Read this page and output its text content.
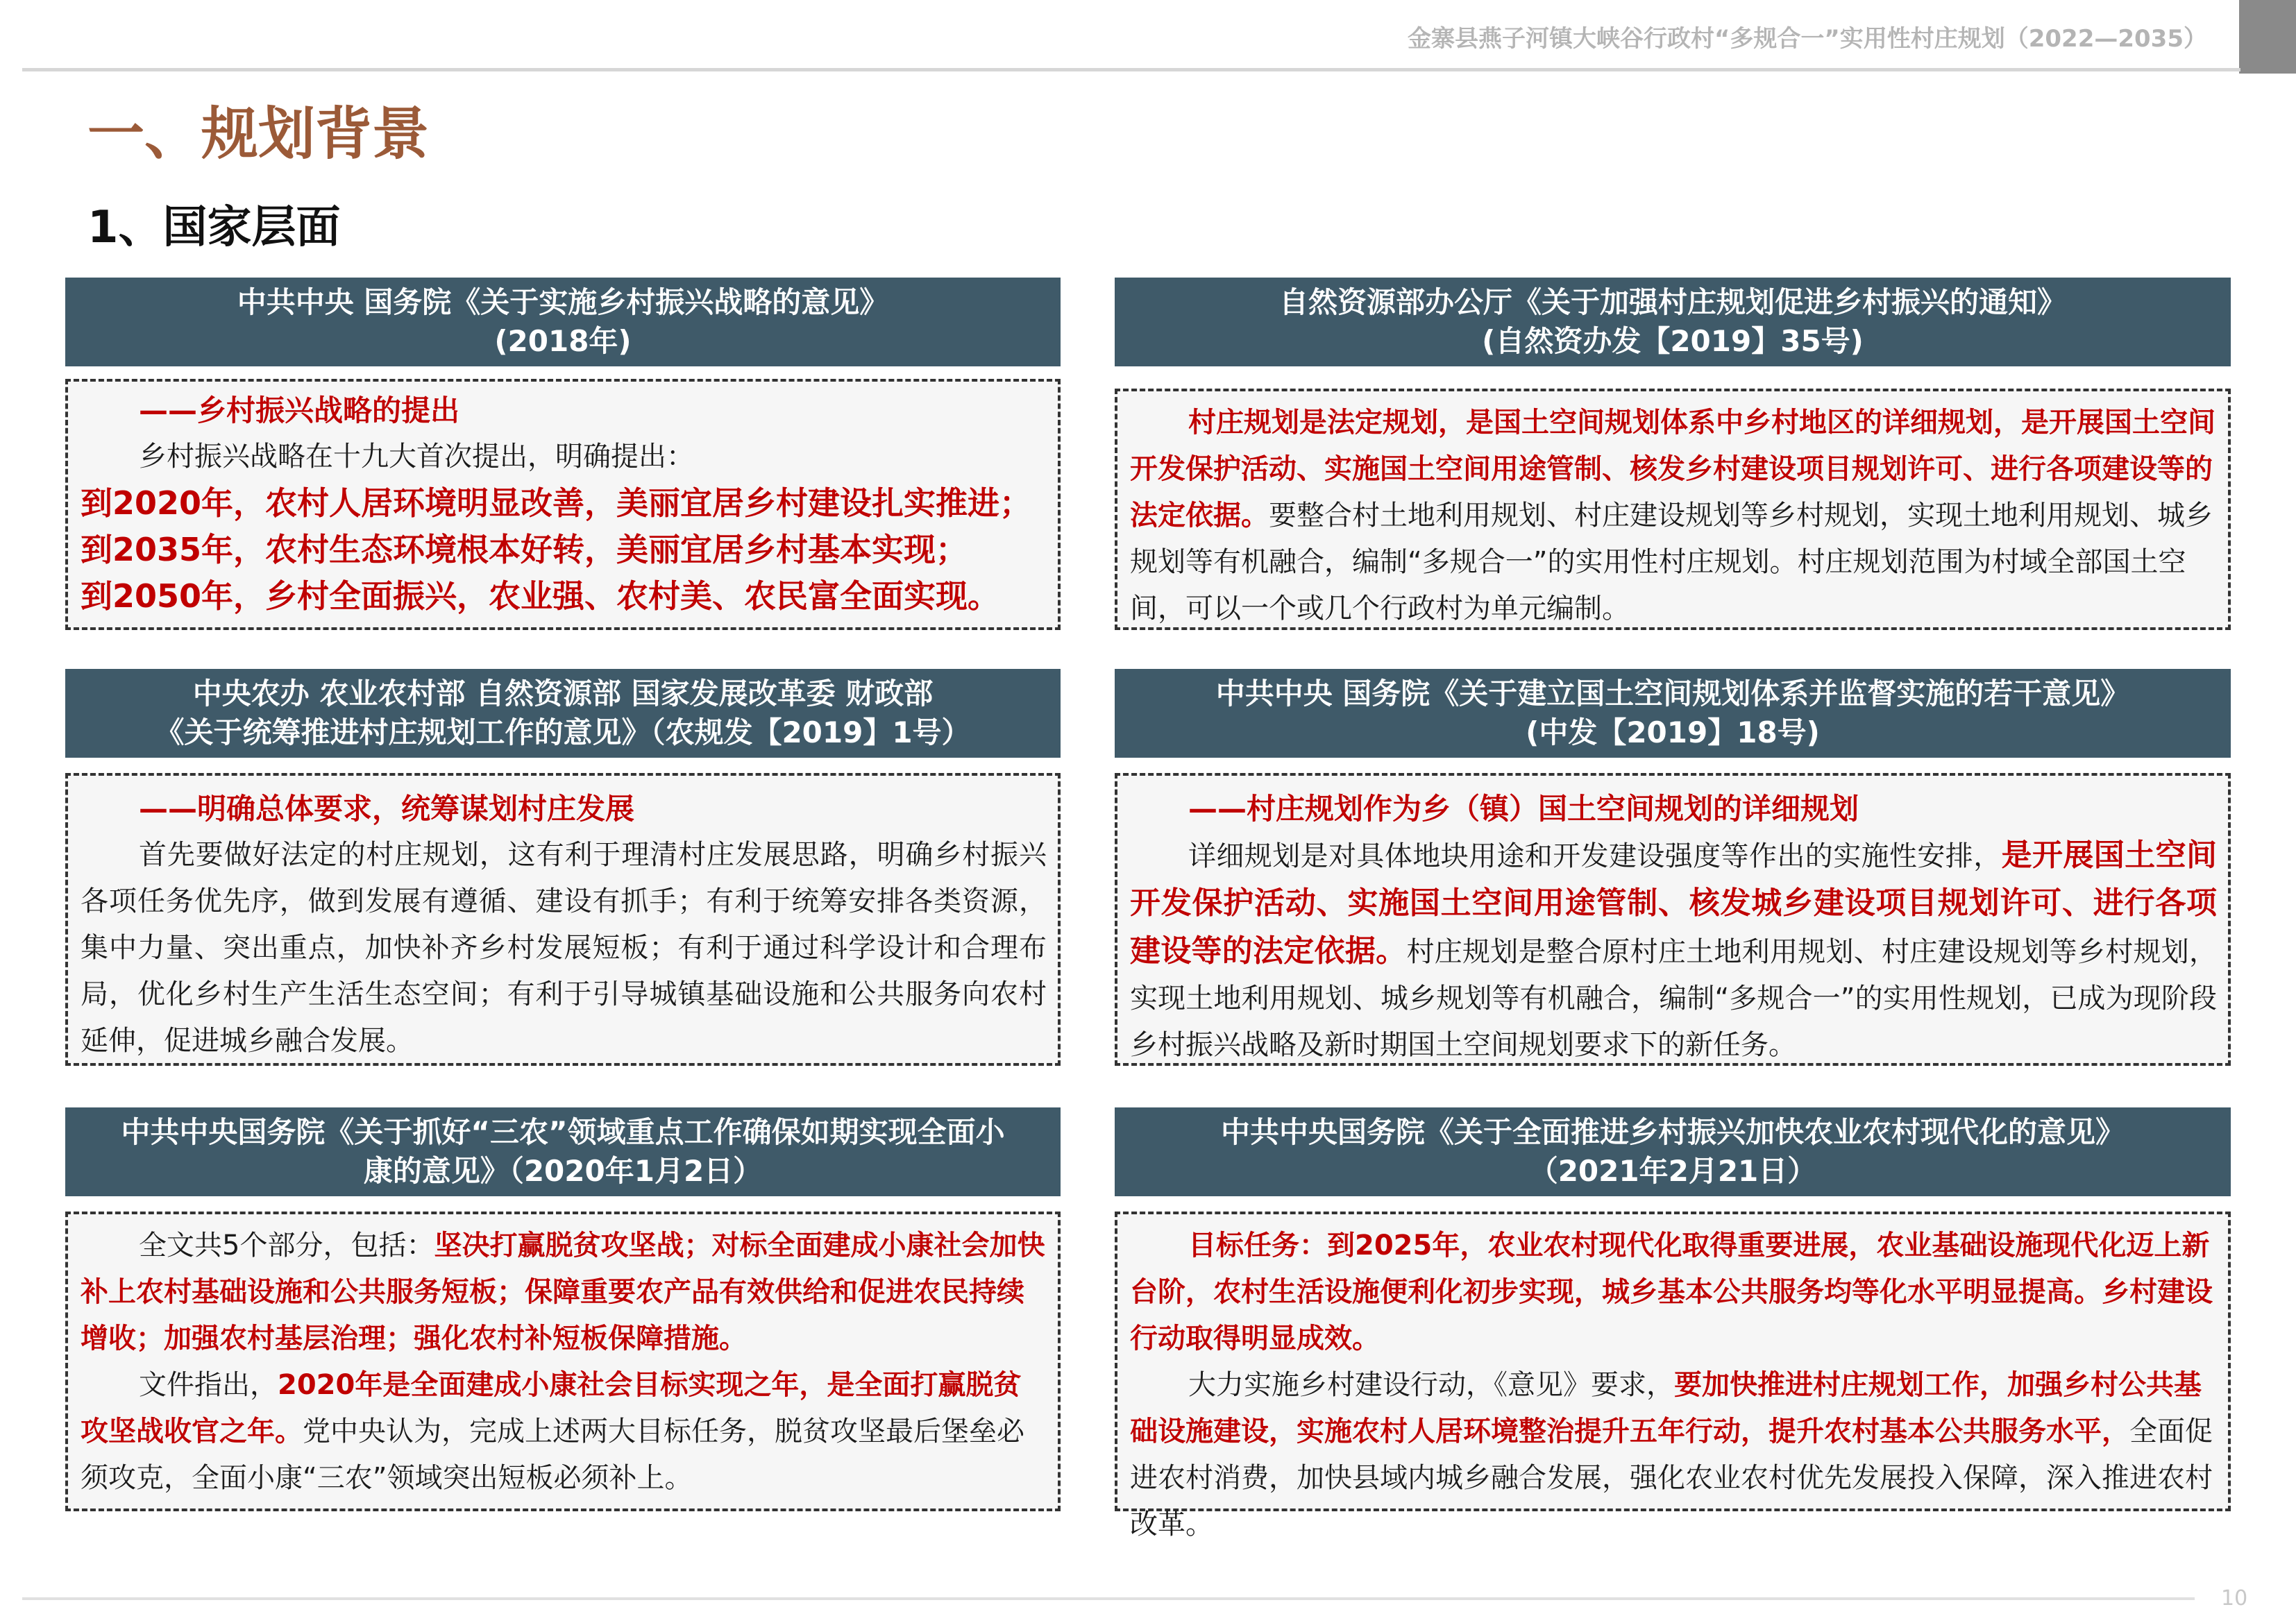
金寨县燕子河镇大峡谷行政村“多规合一”实用性村庄规划（2022—2035）
一、规划背景
1、国家层面
中共中央 国务院《关于实施乡村振兴战略的意见》
(2018年)

——乡村振兴战略的提出

乡村振兴战略在十九大首次提出，明确提出：

到2020年，农村人居环境明显改善，美丽宜居乡村建设扎实推进；

到2035年，农村生态环境根本好转，美丽宜居乡村基本实现；

到2050年，乡村全面振兴，农业强、农村美、农民富全面实现。

自然资源部办公厅《关于加强村庄规划促进乡村振兴的通知》
(自然资办发【2019】35号)

村庄规划是法定规划，是国土空间规划体系中乡村地区的详细规划，是开展国土空间开发保护活动、实施国土空间用途管制、核发乡村建设项目规划许可、进行各项建设等的法定依据。要整合村土地利用规划、村庄建设规划等乡村规划，实现土地利用规划、城乡规划等有机融合，编制“多规合一”的实用性村庄规划。村庄规划范围为村域全部国土空间，可以一个或几个行政村为单元编制。

中央农办 农业农村部 自然资源部 国家发展改革委 财政部
《关于统筹推进村庄规划工作的意见》（农规发【2019】1号）

——明确总体要求，统筹谋划村庄发展

首先要做好法定的村庄规划，这有利于理清村庄发展思路，明确乡村振兴各项任务优先序，做到发展有遵循、建设有抓手；有利于统筹安排各类资源，集中力量、突出重点，加快补齐乡村发展短板；有利于通过科学设计和合理布局，优化乡村生产生活生态空间；有利于引导城镇基础设施和公共服务向农村延伸，促进城乡融合发展。

中共中央 国务院《关于建立国土空间规划体系并监督实施的若干意见》
(中发【2019】18号)

——村庄规划作为乡（镇）国土空间规划的详细规划

详细规划是对具体地块用途和开发建设强度等作出的实施性安排，是开展国土空间开发保护活动、实施国土空间用途管制、核发城乡建设项目规划许可、进行各项建设等的法定依据。村庄规划是整合原村庄土地利用规划、村庄建设规划等乡村规划，实现土地利用规划、城乡规划等有机融合，编制“多规合一”的实用性规划，已成为现阶段乡村振兴战略及新时期国土空间规划要求下的新任务。

中共中央国务院《关于抓好“三农”领域重点工作确保如期实现全面小
康的意见》（2020年1月2日）

全文共5个部分，包括：坚决打赢脱贫攻坚战；对标全面建成小康社会加快补上农村基础设施和公共服务短板；保障重要农产品有效供给和促进农民持续增收；加强农村基层治理；强化农村补短板保障措施。

文件指出，2020年是全面建成小康社会目标实现之年，是全面打赢脱贫攻坚战收官之年。党中央认为，完成上述两大目标任务，脱贫攻坚最后堡垒必须攻克，全面小康“三农”领域突出短板必须补上。

中共中央国务院《关于全面推进乡村振兴加快农业农村现代化的意见》
（2021年2月21日）

目标任务：到2025年，农业农村现代化取得重要进展，农业基础设施现代化迈上新台阶，农村生活设施便利化初步实现，城乡基本公共服务均等化水平明显提高。乡村建设行动取得明显成效。

大力实施乡村建设行动，《意见》要求，要加快推进村庄规划工作，加强乡村公共基础设施建设，实施农村人居环境整治提升五年行动，提升农村基本公共服务水平，全面促进农村消费，加快县域内城乡融合发展，强化农业农村优先发展投入保障，深入推进农村改革。

10
